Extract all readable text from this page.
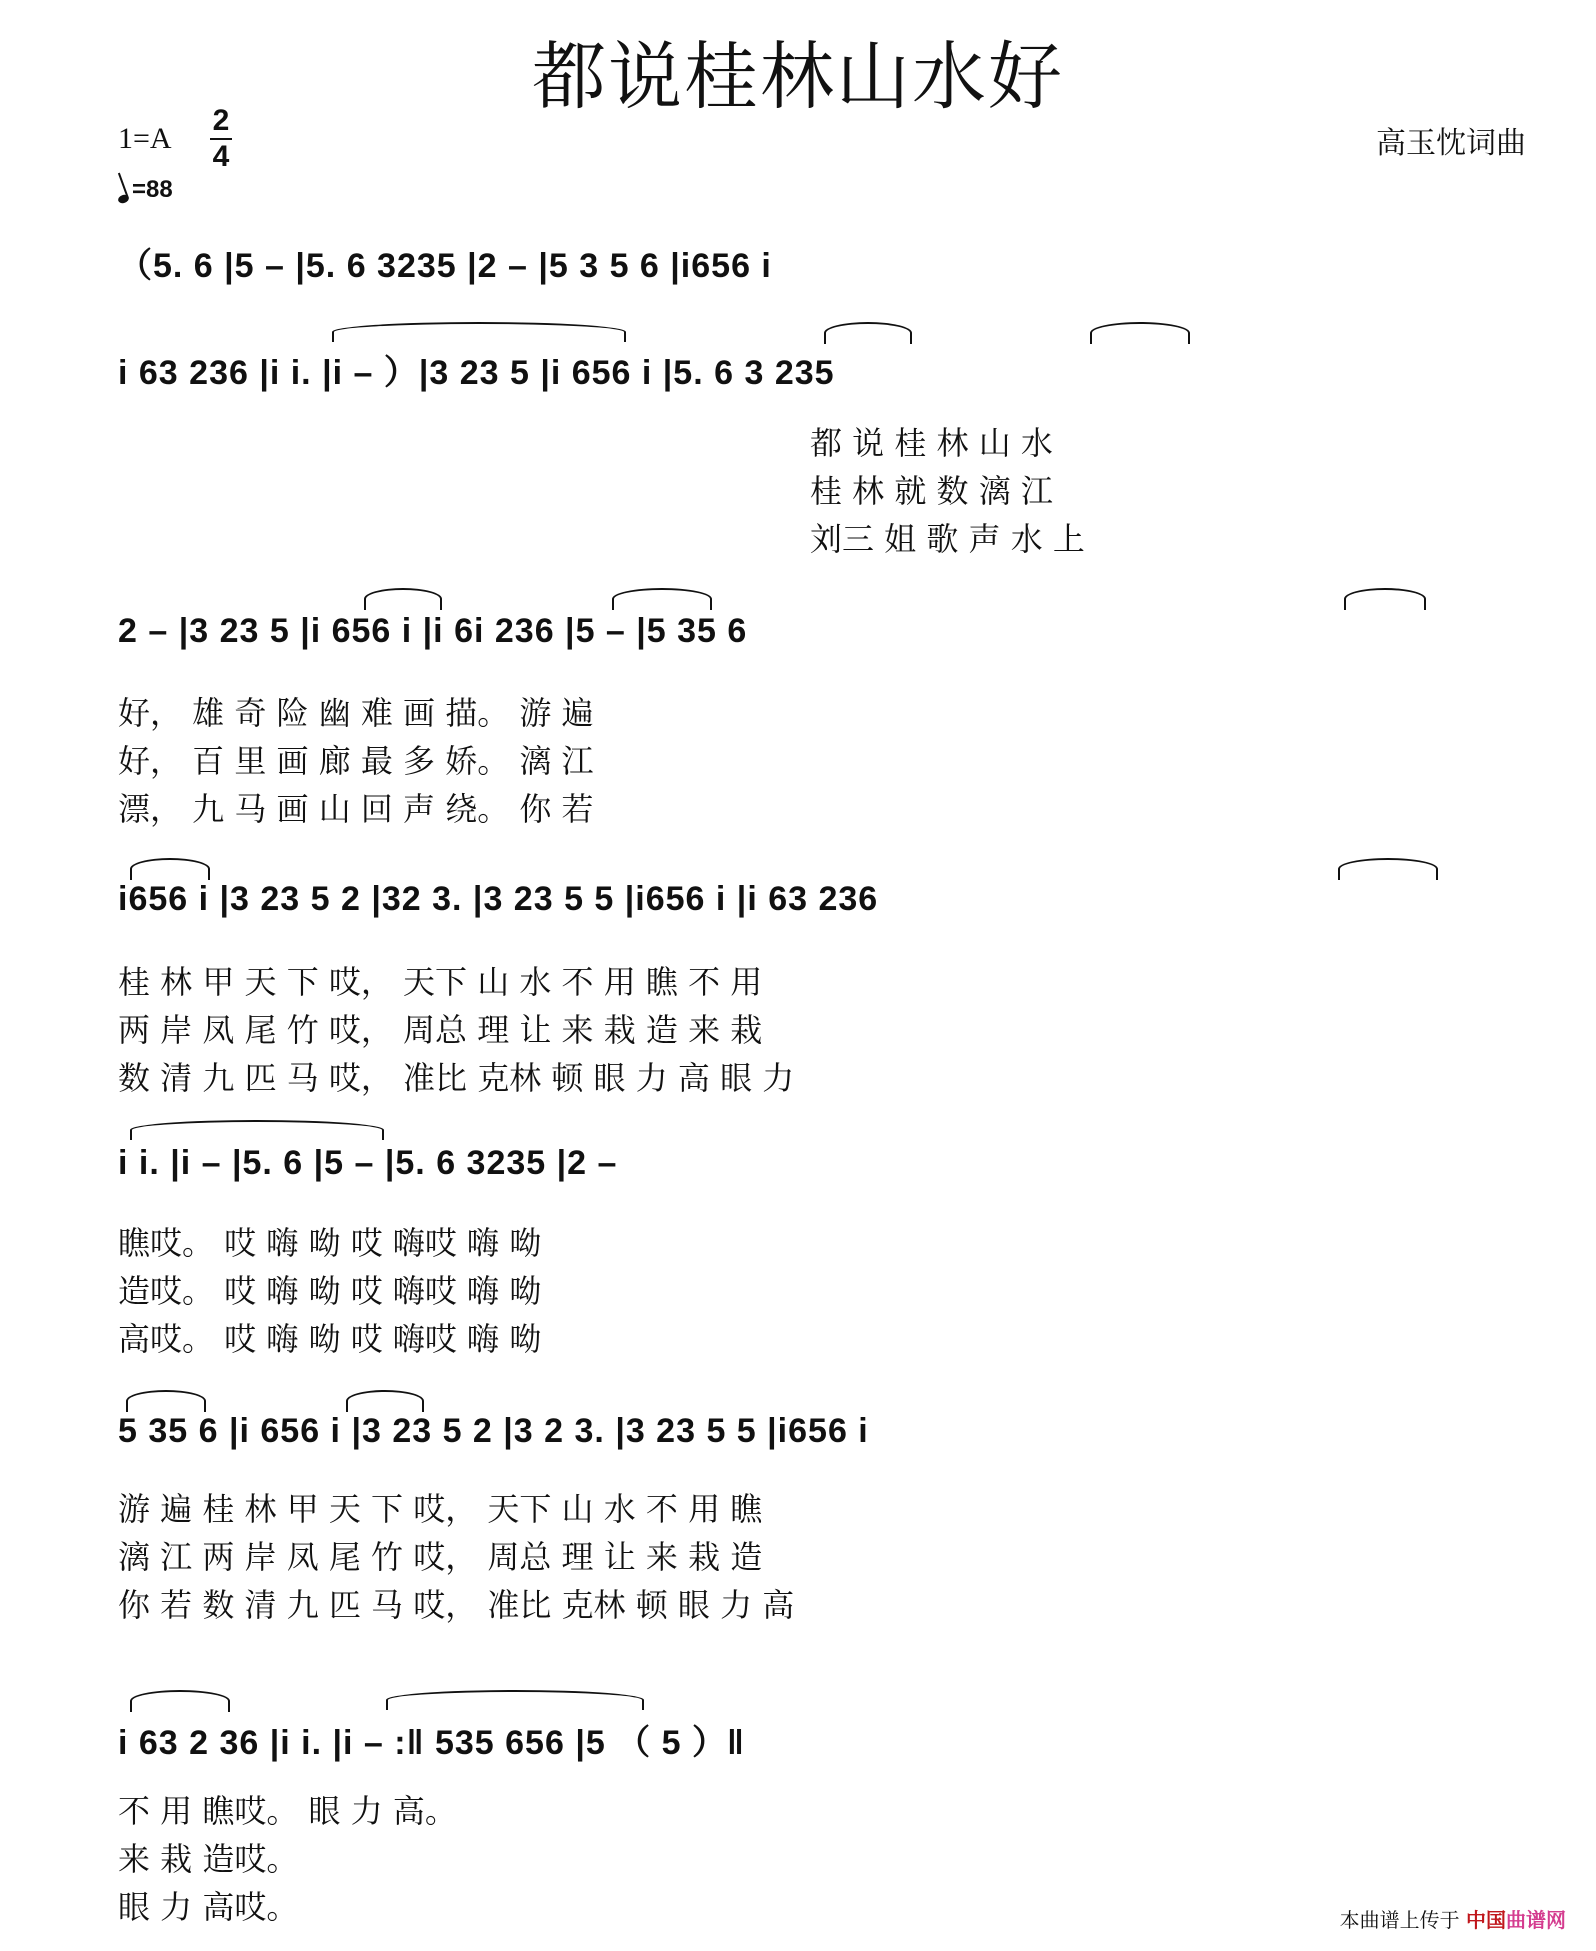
都说桂林山水好
高玉忱词曲
1=A
2
4
=88
（5. 6 |5 – |5. 6 3235 |2 – |5 3 5 6 |i656 i
i 63 236 |i i. |i – ）|3 23 5 |i 656 i |5. 6 3 235
都 说 桂 林 山 水
桂 林 就 数 漓 江
刘三 姐 歌 声 水 上
2 – |3 23 5 |i 656 i |i 6i 236 |5 – |5 35 6
好， 雄 奇 险 幽 难 画 描。 游 遍
好， 百 里 画 廊 最 多 娇。 漓 江
漂， 九 马 画 山 回 声 绕。 你 若
i656 i |3 23 5 2 |32 3. |3 23 5 5 |i656 i |i 63 236
桂 林 甲 天 下 哎， 天下 山 水 不 用 瞧 不 用
两 岸 凤 尾 竹 哎， 周总 理 让 来 栽 造 来 栽
数 清 九 匹 马 哎， 准比 克林 顿 眼 力 高 眼 力
i i. |i – |5. 6 |5 – |5. 6 3235 |2 –
瞧哎。 哎 嗨 呦 哎 嗨哎 嗨 呦
造哎。 哎 嗨 呦 哎 嗨哎 嗨 呦
高哎。 哎 嗨 呦 哎 嗨哎 嗨 呦
5 35 6 |i 656 i |3 23 5 2 |3 2 3. |3 23 5 5 |i656 i
游 遍 桂 林 甲 天 下 哎， 天下 山 水 不 用 瞧
漓 江 两 岸 凤 尾 竹 哎， 周总 理 让 来 栽 造
你 若 数 清 九 匹 马 哎， 准比 克林 顿 眼 力 高
i 63 2 36 |i i. |i – :‖ 535 656 |5 （ 5 ）‖
不 用 瞧哎。 眼 力 高。
来 栽 造哎。
眼 力 高哎。	本曲谱上传于 中国曲谱网
